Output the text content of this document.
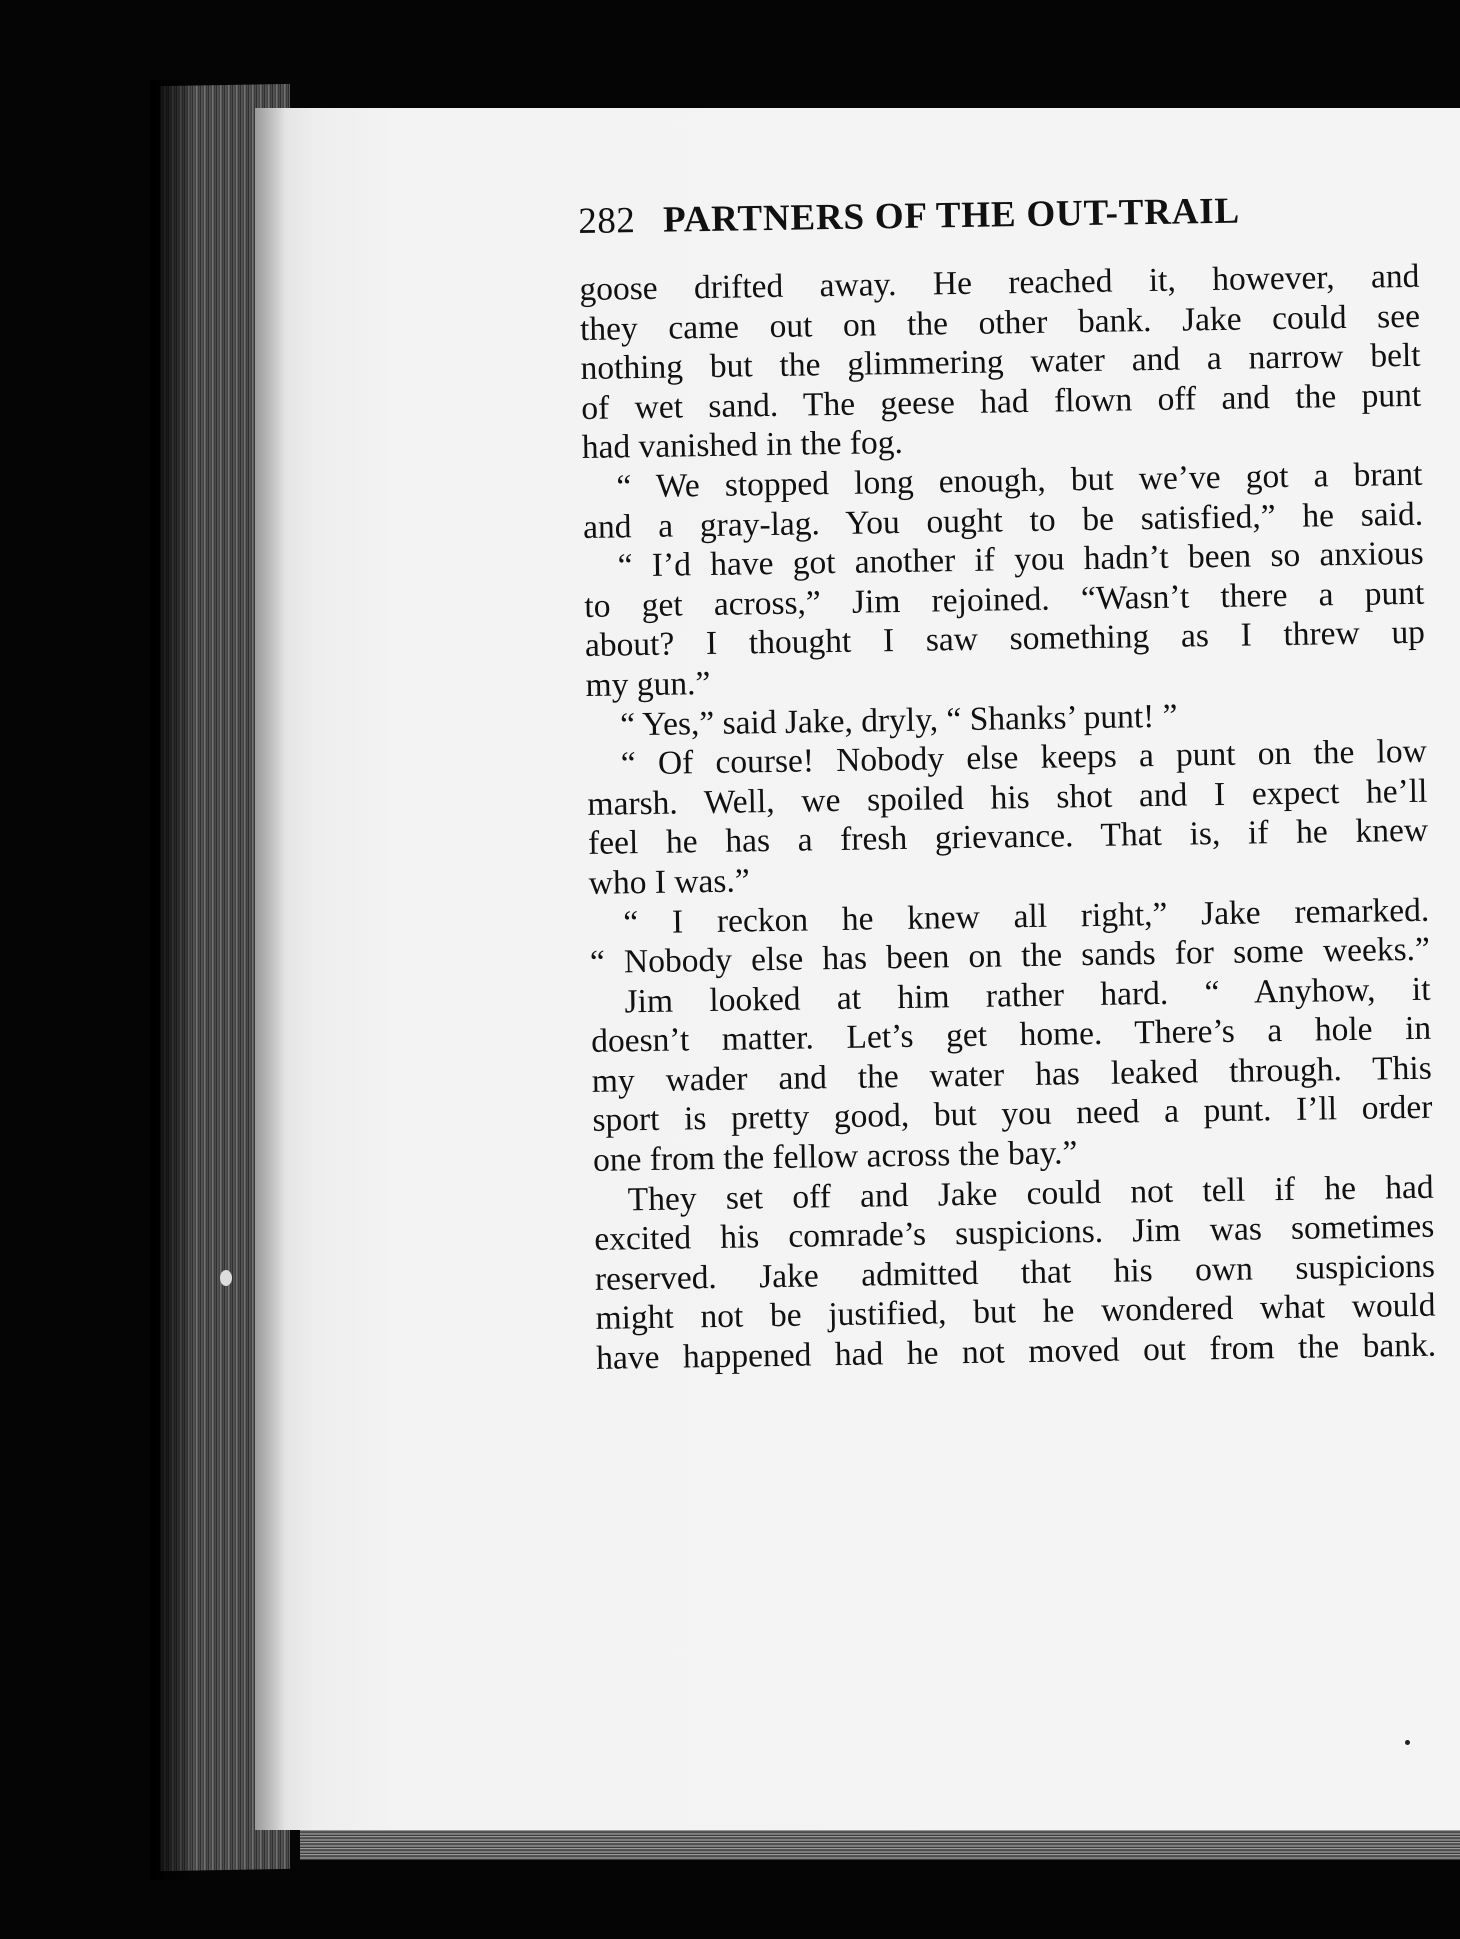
282 PARTNERS OF THE OUT-TRAIL
goose drifted away. He reached it, however, and
they came out on the other bank. Jake could see
nothing but the glimmering water and a narrow belt
of wet sand. The geese had flown off and the punt
had vanished in the fog.
“ We stopped long enough, but we’ve got a brant
and a gray-lag. You ought to be satisfied,” he said.
“ I’d have got another if you hadn’t been so anxious
to get across,” Jim rejoined. “Wasn’t there a punt
about? I thought I saw something as I threw up
my gun.”
“ Yes,” said Jake, dryly, “ Shanks’ punt! ”
“ Of course! Nobody else keeps a punt on the low
marsh. Well, we spoiled his shot and I expect he’ll
feel he has a fresh grievance. That is, if he knew
who I was.”
“ I reckon he knew all right,” Jake remarked.
“ Nobody else has been on the sands for some weeks.”
Jim looked at him rather hard. “ Anyhow, it
doesn’t matter. Let’s get home. There’s a hole in
my wader and the water has leaked through. This
sport is pretty good, but you need a punt. I’ll order
one from the fellow across the bay.”
They set off and Jake could not tell if he had
excited his comrade’s suspicions. Jim was sometimes
reserved. Jake admitted that his own suspicions
might not be justified, but he wondered what would
have happened had he not moved out from the bank.
